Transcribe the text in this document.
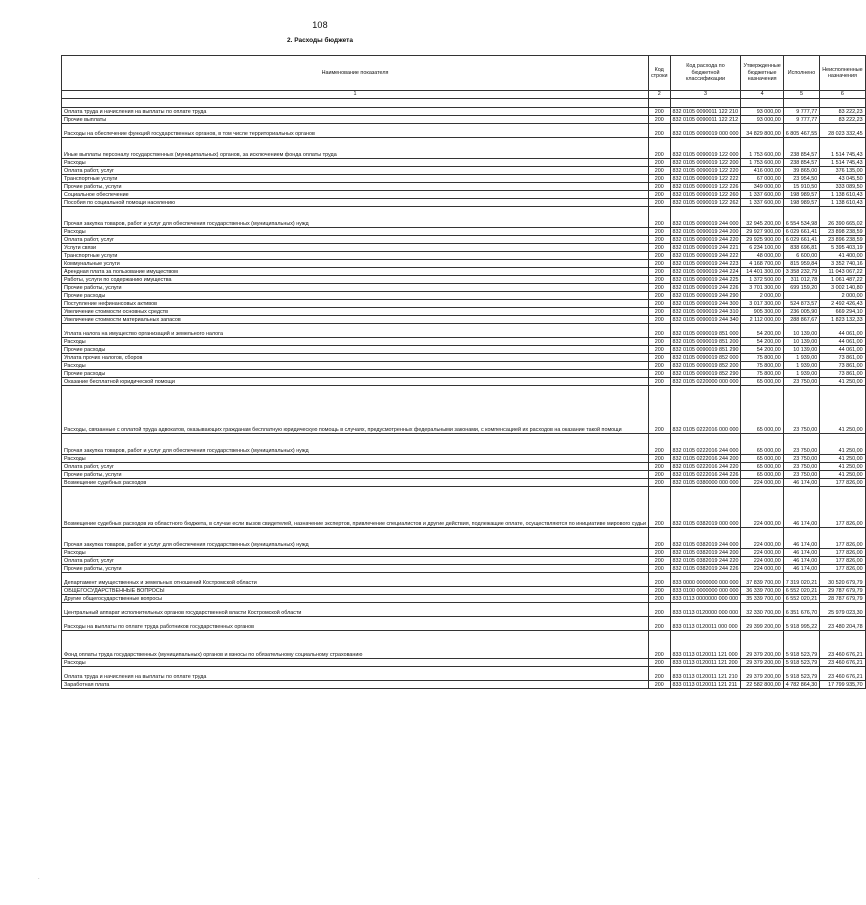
108
2. Расходы бюджета
Наименование показателя	Код строки	Код расхода по бюджетной классификации	Утвержденные бюджетные назначения	Исполнено	Неисполненные назначения
1	2	3	4	5	6

Оплата труда и начисления на выплаты по оплате труда	200	832 0105 0090011 122 210	93 000,00	9 777,77	83 222,23
Прочие выплаты	200	832 0105 0090011 122 212	93 000,00	9 777,77	83 222,23
Расходы на обеспечение функций государственных органов, в том числе территориальных органов	200	832 0105 0090019 000 000	34 829 800,00	6 805 467,55	28 023 332,45
Иные выплаты персоналу государственных (муниципальных) органов, за исключением фонда оплаты труда	200	832 0105 0090019 122 000	1 753 600,00	238 854,57	1 514 745,43
Расходы	200	832 0105 0090019 122 200	1 753 600,00	238 854,57	1 514 745,43
Оплата работ, услуг	200	832 0105 0090019 122 220	416 000,00	39 865,00	376 135,00
Транспортные услуги	200	832 0105 0090019 122 222	67 000,00	23 954,50	43 045,50
Прочие работы, услуги	200	832 0105 0090019 122 226	349 000,00	15 910,50	333 089,50
Социальное обеспечение	200	832 0105 0090019 122 260	1 337 600,00	198 989,57	1 138 610,43
Пособия по социальной помощи населению	200	832 0105 0090019 122 262	1 337 600,00	198 989,57	1 138 610,43
Прочая закупка товаров, работ и услуг для обеспечения государственных (муниципальных) нужд	200	832 0105 0090019 244 000	32 945 200,00	6 554 534,98	26 390 665,02
Расходы	200	832 0105 0090019 244 200	29 927 900,00	6 029 661,41	23 898 238,59
Оплата работ, услуг	200	832 0105 0090019 244 220	29 925 900,00	6 029 661,41	23 896 238,59
Услуги связи	200	832 0105 0090019 244 221	6 234 100,00	838 696,81	5 395 403,19
Транспортные услуги	200	832 0105 0090019 244 222	48 000,00	6 600,00	41 400,00
Коммунальные услуги	200	832 0105 0090019 244 223	4 168 700,00	815 959,84	3 352 740,16
Арендная плата за пользование имуществом	200	832 0105 0090019 244 224	14 401 300,00	3 358 232,79	11 043 067,22
Работы, услуги по содержанию имущества	200	832 0105 0090019 244 225	1 372 500,00	311 012,78	1 061 487,22
Прочие работы, услуги	200	832 0105 0090019 244 226	3 701 300,00	699 159,20	3 002 140,80
Прочие расходы	200	832 0105 0090019 244 290	2 000,00		2 000,00
Поступление нефинансовых активов	200	832 0105 0090019 244 300	3 017 300,00	524 873,57	2 492 426,43
Увеличение стоимости основных средств	200	832 0105 0090019 244 310	905 300,00	236 005,90	669 294,10
Увеличение стоимости материальных запасов	200	832 0105 0090019 244 340	2 112 000,00	288 867,67	1 823 132,33
Уплата налога на имущество организаций и земельного налога	200	832 0105 0090019 851 000	54 200,00	10 139,00	44 061,00
Расходы	200	832 0105 0090019 851 200	54 200,00	10 139,00	44 061,00
Прочие расходы	200	832 0105 0090019 851 290	54 200,00	10 139,00	44 061,00
Уплата прочих налогов, сборов	200	832 0105 0090019 852 000	75 800,00	1 939,00	73 861,00
Расходы	200	832 0105 0090019 852 200	75 800,00	1 939,00	73 861,00
Прочие расходы	200	832 0105 0090019 852 290	75 800,00	1 939,00	73 861,00
Оказание бесплатной юридической помощи	200	832 0105 0220000 000 000	65 000,00	23 750,00	41 250,00
Расходы, связанные с оплатой труда адвокатов, оказывающих гражданам бесплатную юридическую помощь в случаях, предусмотренных федеральными законами, с компенсацией их расходов на оказание такой помощи	200	832 0105 0222016 000 000	65 000,00	23 750,00	41 250,00
Прочая закупка товаров, работ и услуг для обеспечения государственных (муниципальных) нужд	200	832 0105 0222016 244 000	65 000,00	23 750,00	41 250,00
Расходы	200	832 0105 0222016 244 200	65 000,00	23 750,00	41 250,00
Оплата работ, услуг	200	832 0105 0222016 244 220	65 000,00	23 750,00	41 250,00
Прочие работы, услуги	200	832 0105 0222016 244 226	65 000,00	23 750,00	41 250,00
Возмещение судебных расходов	200	832 0105 0380000 000 000	224 000,00	46 174,00	177 826,00
Возмещение судебных расходов из областного бюджета, в случае если вызов свидетелей, назначение экспертов, привлечение специалистов и другие действия, подлежащие оплате, осуществляются по инициативе мирового судьи	200	832 0105 0382019 000 000	224 000,00	46 174,00	177 826,00
Прочая закупка товаров, работ и услуг для обеспечения государственных (муниципальных) нужд	200	832 0105 0382019 244 000	224 000,00	46 174,00	177 826,00
Расходы	200	832 0105 0382019 244 200	224 000,00	46 174,00	177 826,00
Оплата работ, услуг	200	832 0105 0382019 244 220	224 000,00	46 174,00	177 826,00
Прочие работы, услуги	200	832 0105 0382019 244 226	224 000,00	46 174,00	177 826,00
Департамент имущественных и земельных отношений Костромской области	200	833 0000 0000000 000 000	37 839 700,00	7 319 020,21	30 520 679,79
ОБЩЕГОСУДАРСТВЕННЫЕ ВОПРОСЫ	200	833 0100 0000000 000 000	36 339 700,00	6 552 020,21	29 787 679,79
Другие общегосударственные вопросы	200	833 0113 0000000 000 000	35 339 700,00	6 552 020,21	28 787 679,79
Центральный аппарат исполнительных органов государственной власти Костромской области	200	833 0113 0120000 000 000	32 330 700,00	6 351 676,70	25 979 023,30
Расходы на выплаты по оплате труда работников государственных органов	200	833 0113 0120011 000 000	29 399 200,00	5 918 995,22	23 480 204,78
Фонд оплаты труда государственных (муниципальных) органов и взносы по обязательному социальному страхованию	200	833 0113 0120011 121 000	29 379 200,00	5 918 523,79	23 460 676,21
Расходы	200	833 0113 0120011 121 200	29 379 200,00	5 918 523,79	23 460 676,21
Оплата труда и начисления на выплаты по оплате труда	200	833 0113 0120011 121 210	29 379 200,00	5 918 523,79	23 460 676,21
Заработная плата	200	833 0113 0120011 121 211	22 582 800,00	4 782 864,30	17 799 935,70
·
